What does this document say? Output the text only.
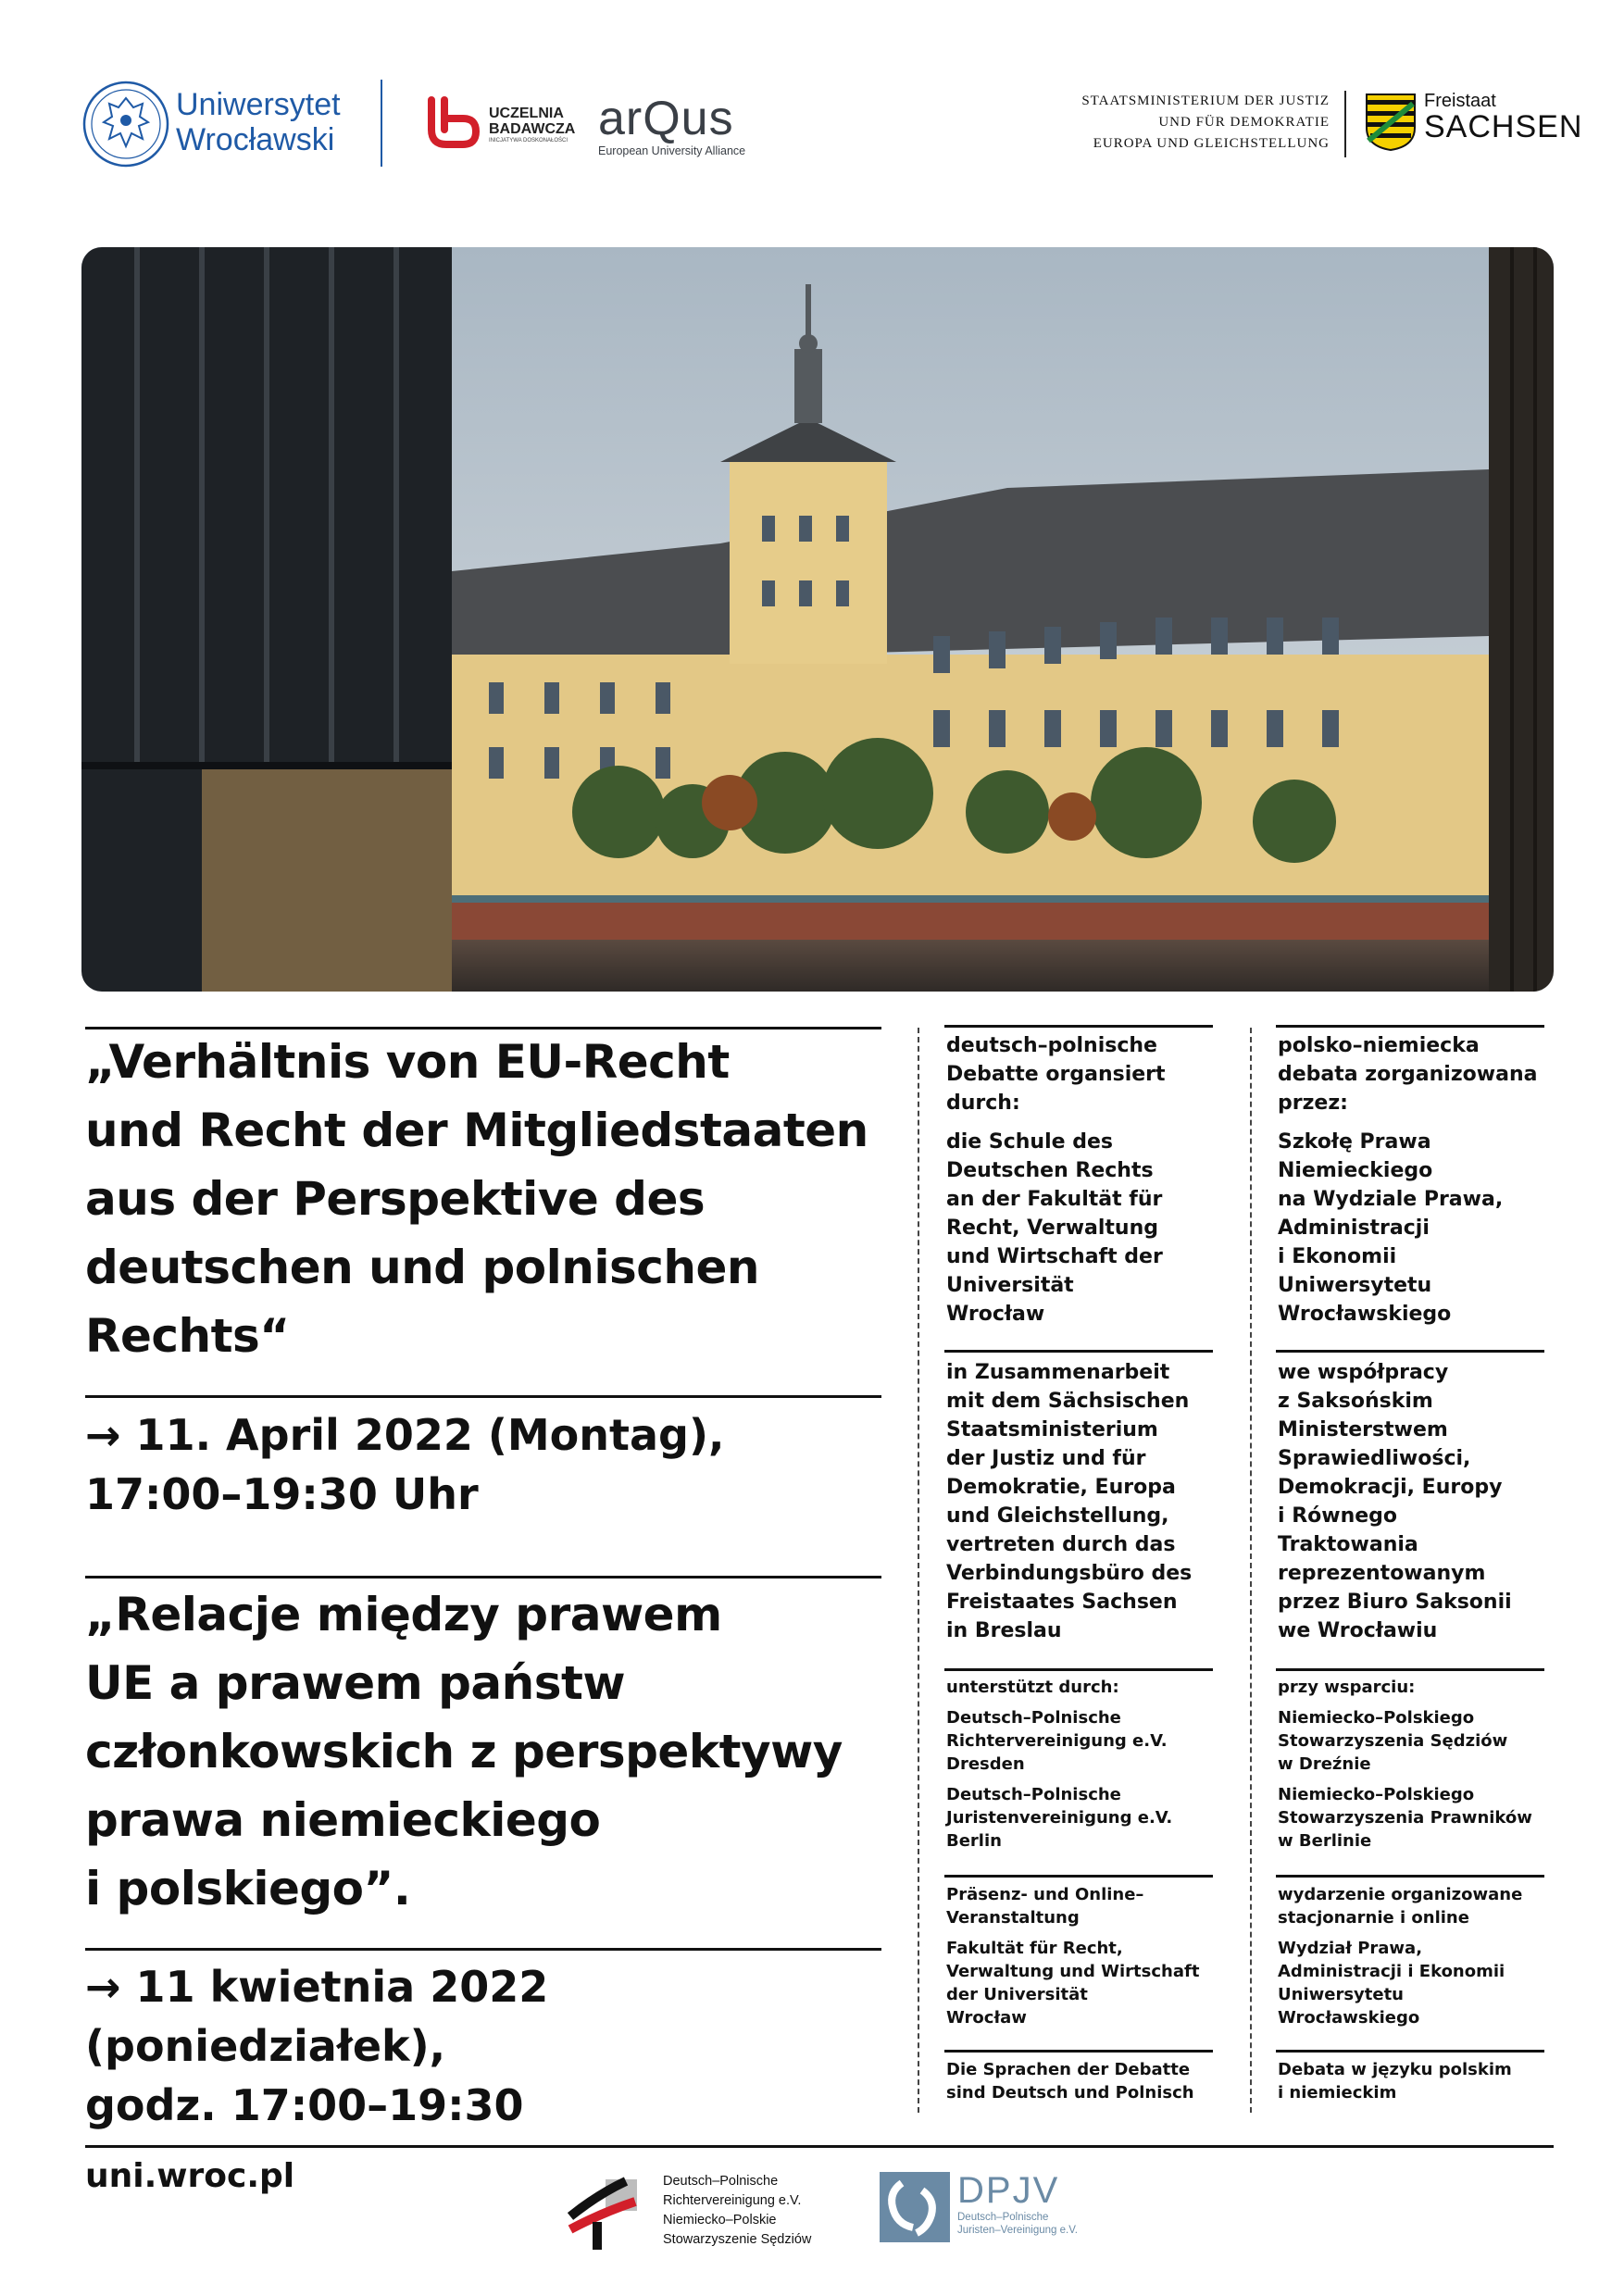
Uniwersytet
Wrocławski
UCZELNIA
BADAWCZA
INICJATYWA DOSKONAŁOŚCI arQus
European University Alliance
STAATSMINISTERIUM DER JUSTIZ
UND FÜR DEMOKRATIE
EUROPA UND GLEICHSTELLUNG
Freistaat
SACHSEN
„Verhältnis von EU-Recht
und Recht der Mitgliedstaaten
aus der Perspektive des
deutschen und polnischen
Rechts“
→ 11. April 2022 (Montag),
17:00–19:30 Uhr
„Relacje między prawem
UE a prawem państw
członkowskich z perspektywy
prawa niemieckiego
i polskiego”.
→ 11 kwietnia 2022 (poniedziałek),
godz. 17:00–19:30
deutsch–polnische
Debatte organsiert
durch:
die Schule des
Deutschen Rechts
an der Fakultät für
Recht, Verwaltung
und Wirtschaft der
Universität
Wrocław
in Zusammenarbeit
mit dem Sächsischen
Staatsministerium
der Justiz und für
Demokratie, Europa
und Gleichstellung,
vertreten durch das
Verbindungsbüro des
Freistaates Sachsen
in Breslau
unterstützt durch:
Deutsch–Polnische
Richtervereinigung e.V.
Dresden
Deutsch–Polnische
Juristenvereinigung e.V.
Berlin
Präsenz- und Online–
Veranstaltung
Fakultät für Recht,
Verwaltung und Wirtschaft
der Universität
Wrocław
Die Sprachen der Debatte
sind Deutsch und Polnisch
polsko–niemiecka
debata zorganizowana
przez:
Szkołę Prawa
Niemieckiego
na Wydziale Prawa,
Administracji
i Ekonomii
Uniwersytetu
Wrocławskiego
we współpracy
z Saksońskim
Ministerstwem
Sprawiedliwości,
Demokracji, Europy
i Równego
Traktowania
reprezentowanym
przez Biuro Saksonii
we Wrocławiu
przy wsparciu:
Niemiecko–Polskiego
Stowarzyszenia Sędziów
w Dreźnie
Niemiecko–Polskiego
Stowarzyszenia Prawników
w Berlinie
wydarzenie organizowane
stacjonarnie i online
Wydział Prawa,
Administracji i Ekonomii
Uniwersytetu
Wrocławskiego
Debata w języku polskim
i niemieckim
uni.wroc.pl	Deutsch–Polnische
Richtervereinigung e.V.
Niemiecko–Polskie
Stowarzyszenie Sędziów
DPJV
Deutsch–Polnische
Juristen–Vereinigung e.V.
